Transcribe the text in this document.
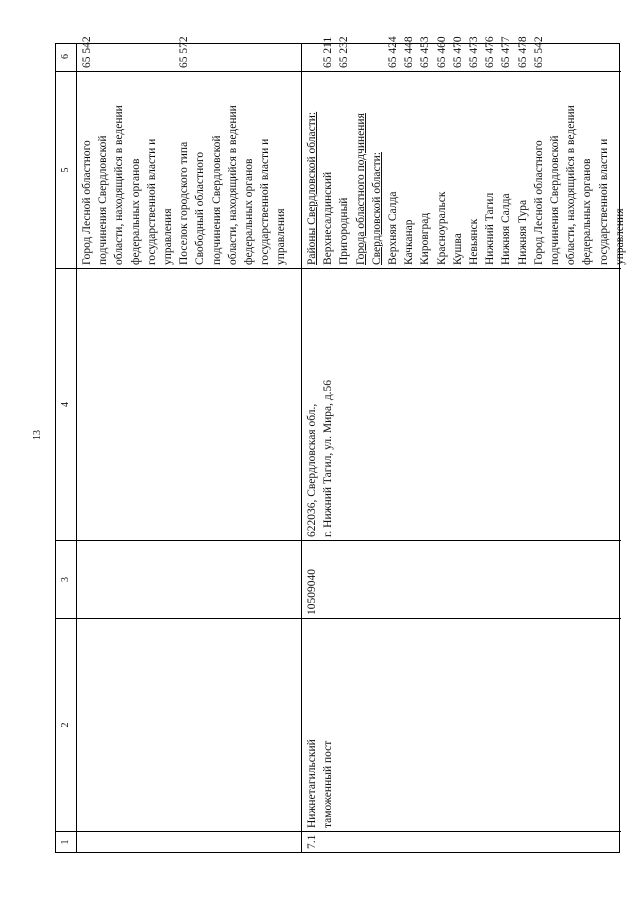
13
1
2
3
4
5
6
Город Лесной областного подчинения Свердловской области, находящийся в ведении федеральных органов государственной власти и управления Поселок городского типа Свободный областного подчинения Свердловской области, находящийся в ведении федеральных органов государственной власти и управления
65 542	65 572
7.1
Нижнетагильский таможенный пост
10509040
622036, Свердловская обл., г. Нижний Тагил, ул. Мира, д.56
Районы Свердловской области: Верхнесалдинский Пригородный Города областного подчинения Свердловской области: Верхняя Салда Качканар Кировград Красноуральск Кушва Невьянск Нижний Тагил Нижняя Салда Нижняя Тура Город Лесной областного подчинения Свердловской области, находящийся в ведении федеральных органов государственной власти и управления
65 211 65 232	65 424 65 448 65 453 65 460 65 470 65 473 65 476 65 477 65 478 65 542
